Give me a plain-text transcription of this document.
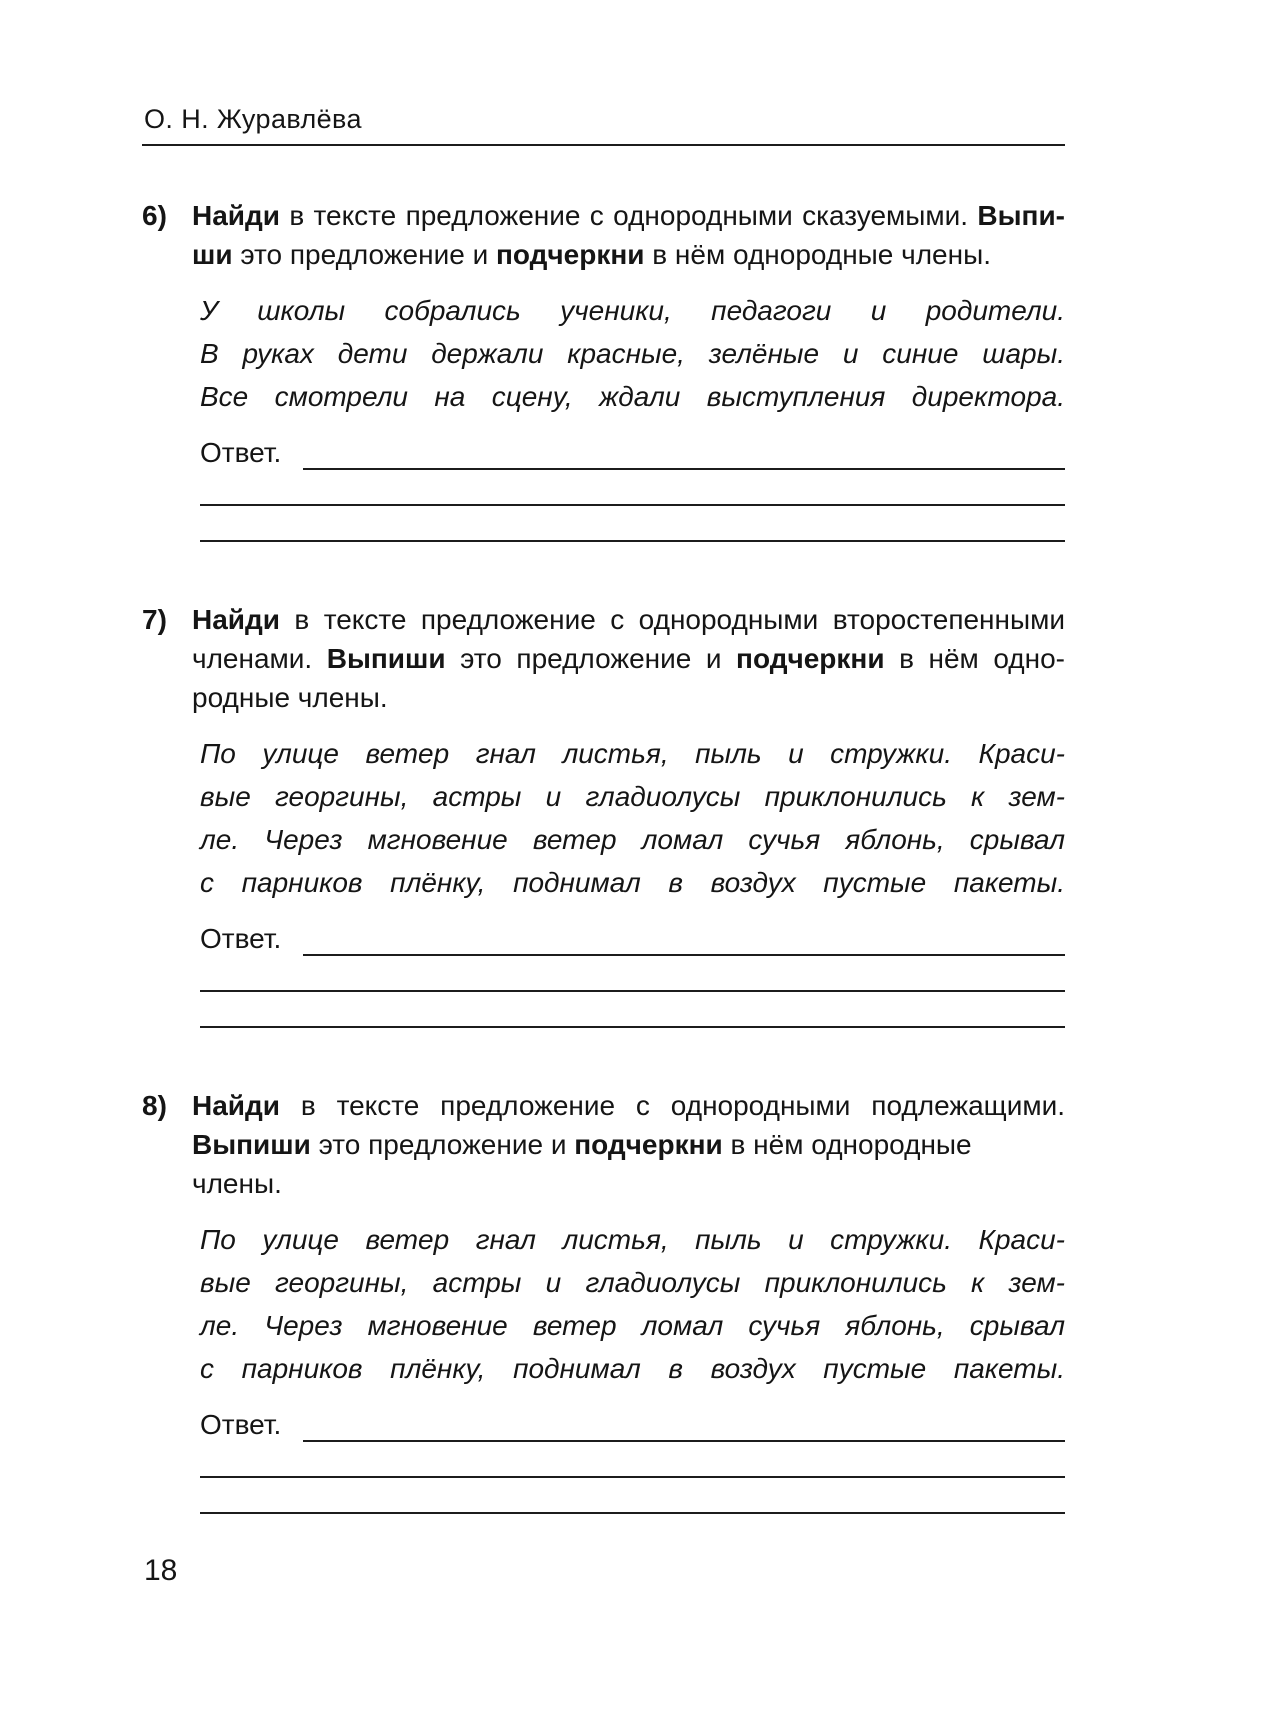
О. Н. Журавлёва
6) Найди в тексте предложение с однородными сказуемыми. Выпи-
ши это предложение и подчеркни в нём однородные члены.
У школы собрались ученики, педагоги и родители.
В руках дети держали красные, зелёные и синие шары.
Все смотрели на сцену, ждали выступления директора.
Ответ.
7) Найди в тексте предложение с однородными второстепенными
членами. Выпиши это предложение и подчеркни в нём одно-
родные члены.
По улице ветер гнал листья, пыль и стружки. Краси-
вые георгины, астры и гладиолусы приклонились к зем-
ле. Через мгновение ветер ломал сучья яблонь, срывал
с парников плёнку, поднимал в воздух пустые пакеты.
Ответ.
8) Найди в тексте предложение с однородными подлежащими.
Выпиши это предложение и подчеркни в нём однородные члены.
По улице ветер гнал листья, пыль и стружки. Краси-
вые георгины, астры и гладиолусы приклонились к зем-
ле. Через мгновение ветер ломал сучья яблонь, срывал
с парников плёнку, поднимал в воздух пустые пакеты.
Ответ.
18
